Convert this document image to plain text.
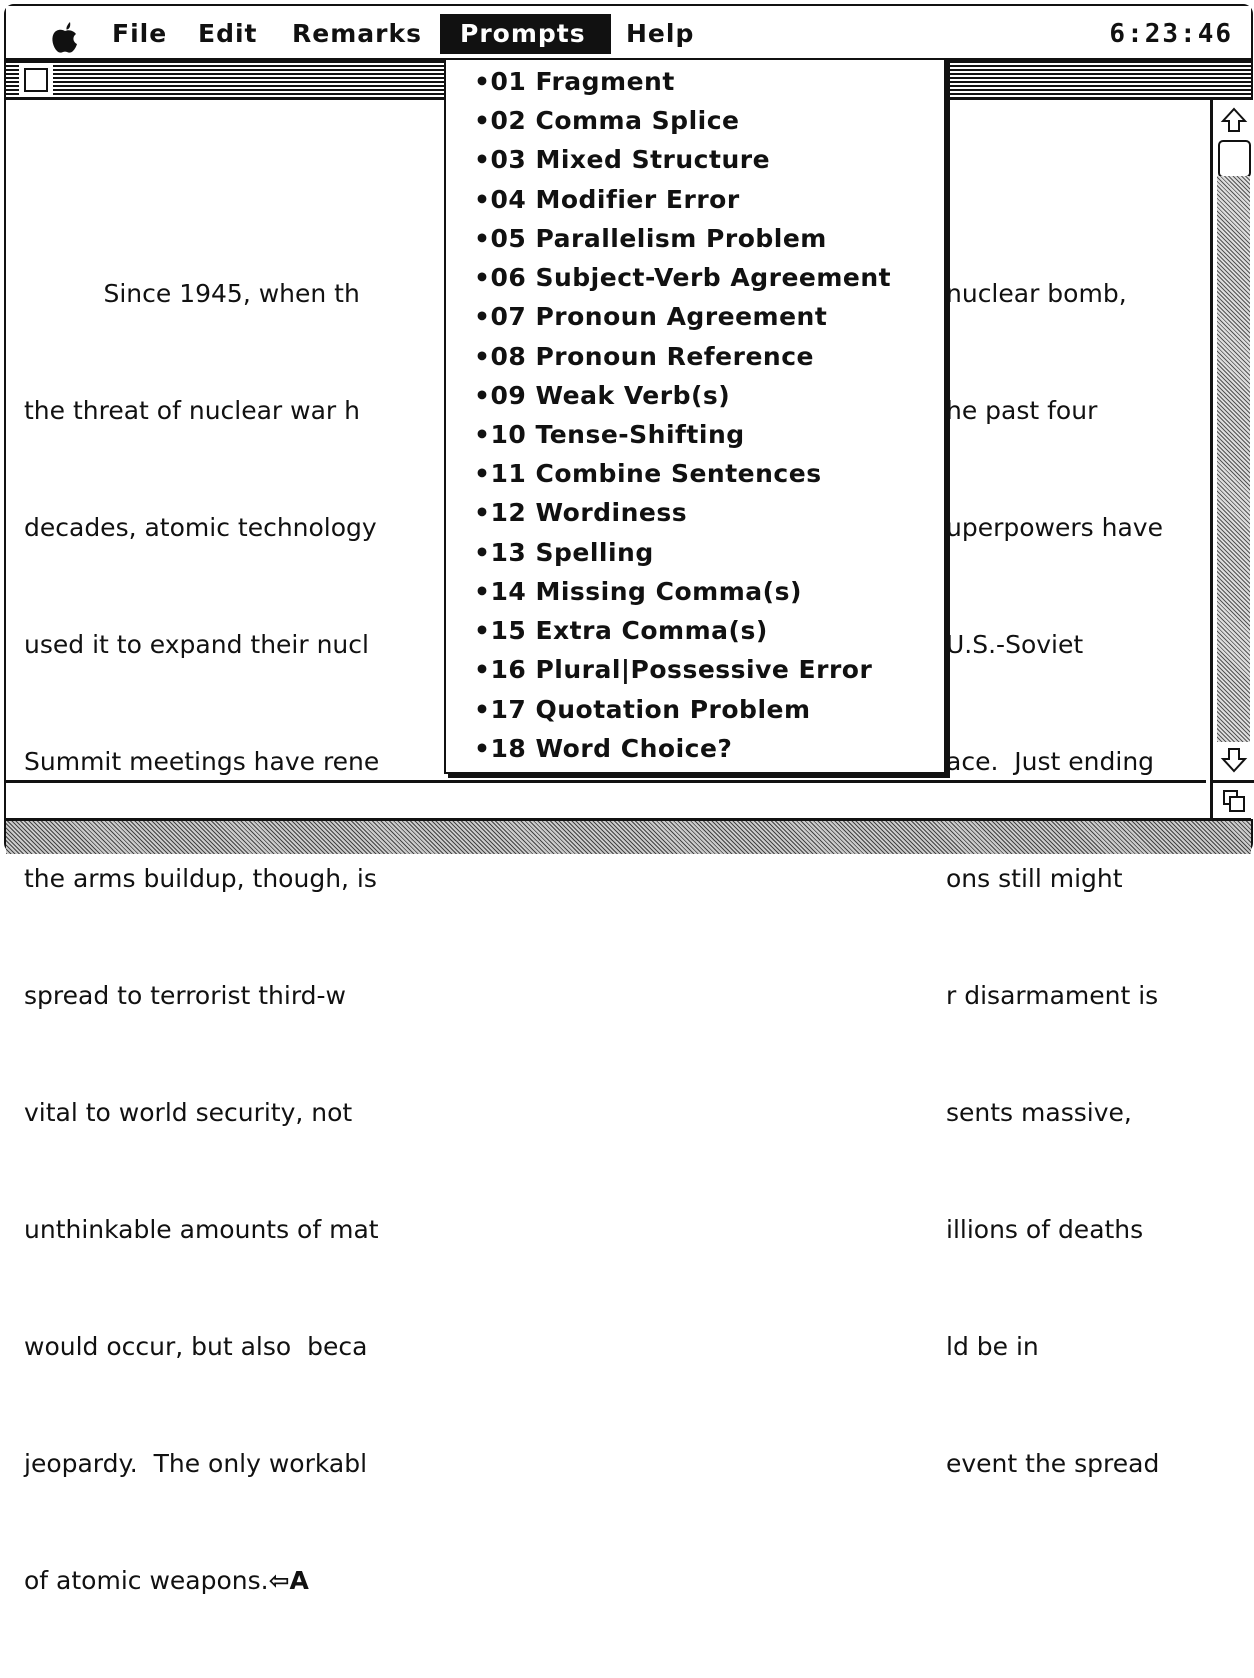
File	Edit	Remarks	Prompts	Help	6:23:46

Since 1945, when th

the threat of nuclear war h

decades, atomic technology

used it to expand their nucl

Summit meetings have rene

the arms buildup, though, is

spread to terrorist third-w

vital to world security, not

unthinkable amounts of mat

would occur, but also  beca

jeopardy.  The only workabl

of atomic weapons.⇦A

nuclear bomb,

he past four

uperpowers have

U.S.-Soviet

ace.  Just ending

ons still might

r disarmament is

sents massive,

illions of deaths

ld be in

event the spread

•01 Fragment
•02 Comma Splice
•03 Mixed Structure
•04 Modifier Error
•05 Parallelism Problem
•06 Subject-Verb Agreement
•07 Pronoun Agreement
•08 Pronoun Reference
•09 Weak Verb(s)
•10 Tense-Shifting
•11 Combine Sentences
•12 Wordiness
•13 Spelling
•14 Missing Comma(s)
•15 Extra Comma(s)
•16 Plural|Possessive Error
•17 Quotation Problem
•18 Word Choice?
